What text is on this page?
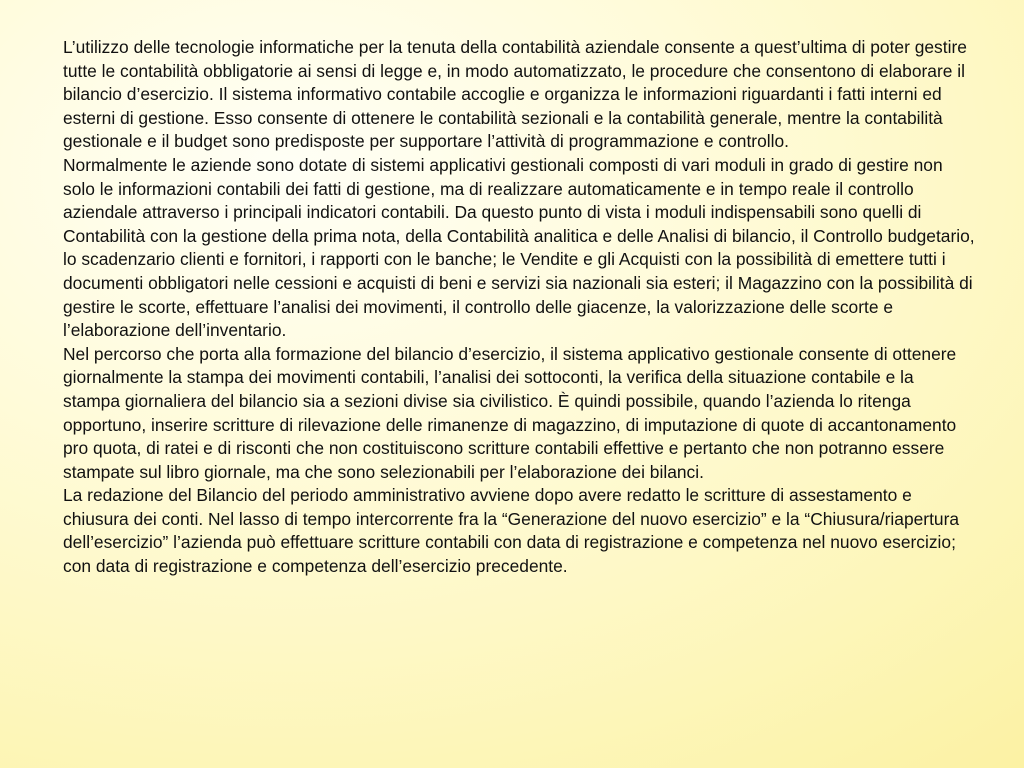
L’utilizzo delle tecnologie informatiche per la tenuta della contabilità aziendale consente a quest’ultima di poter gestire tutte le contabilità obbligatorie ai sensi di legge e, in modo automatizzato, le procedure che consentono di elaborare il bilancio d’esercizio. Il sistema informativo contabile accoglie e organizza le informazioni riguardanti i fatti interni ed esterni di gestione. Esso consente di ottenere le contabilità sezionali e la contabilità generale, mentre la contabilità gestionale e il budget sono predisposte per supportare l’attività di programmazione e controllo.

Normalmente le aziende sono dotate di sistemi applicativi gestionali composti di vari moduli in grado di gestire non solo le informazioni contabili dei fatti di gestione, ma di realizzare automaticamente e in tempo reale il controllo aziendale attraverso i principali indicatori contabili. Da questo punto di vista i moduli indispensabili sono quelli di Contabilità con la gestione della prima nota, della Contabilità analitica e delle Analisi di bilancio, il Controllo budgetario, lo scadenzario clienti e fornitori, i rapporti con le banche; le Vendite e gli Acquisti con la possibilità di emettere tutti i documenti obbligatori nelle cessioni e acquisti di beni e servizi sia nazionali sia esteri; il Magazzino con la possibilità di gestire le scorte, effettuare l’analisi dei movimenti, il controllo delle giacenze, la valorizzazione delle scorte e l’elaborazione dell’inventario.

Nel percorso che porta alla formazione del bilancio d’esercizio, il sistema applicativo gestionale consente di ottenere giornalmente la stampa dei movimenti contabili, l’analisi dei sottoconti, la verifica della situazione contabile e la stampa giornaliera del bilancio sia a sezioni divise sia civilistico. È quindi possibile, quando l’azienda lo ritenga opportuno, inserire scritture di rilevazione delle rimanenze di magazzino, di imputazione di quote di accantonamento pro quota, di ratei e di risconti che non costituiscono scritture contabili effettive e pertanto che non potranno essere stampate sul libro giornale, ma che sono selezionabili per l’elaborazione dei bilanci.

La redazione del Bilancio del periodo amministrativo avviene dopo avere redatto le scritture di assestamento e chiusura dei conti. Nel lasso di tempo intercorrente fra la “Generazione del nuovo esercizio” e la “Chiusura/riapertura dell’esercizio” l’azienda può effettuare scritture contabili con data di registrazione e competenza nel nuovo esercizio; con data di registrazione e competenza dell’esercizio precedente.
